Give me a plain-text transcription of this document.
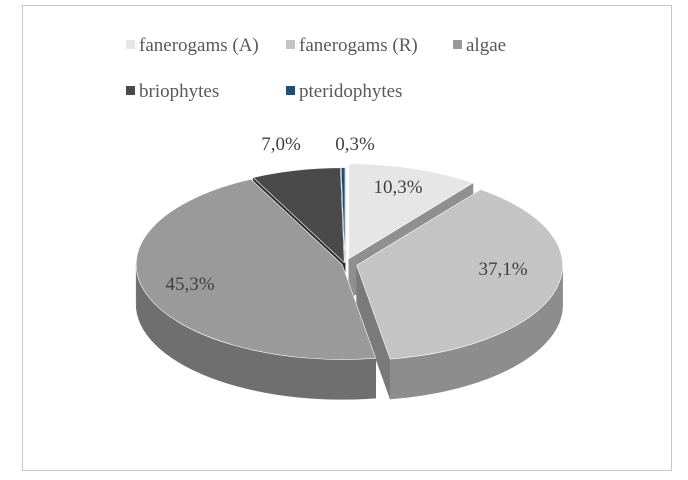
fanerogams (A) fanerogams (R)	algae
briophytes	pteridophytes
10,3%
37,1%
45,3%
7,0% 0,3%
